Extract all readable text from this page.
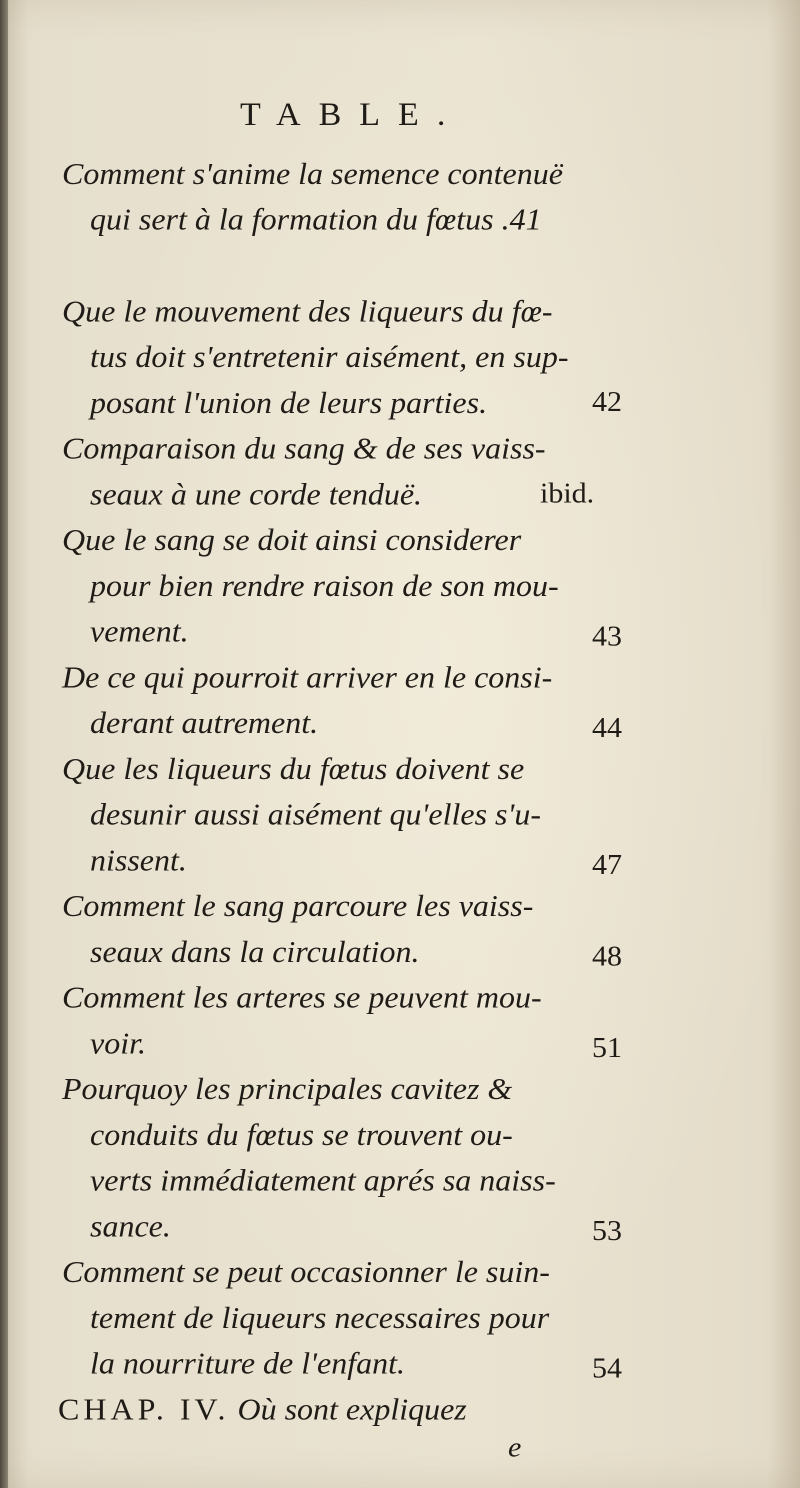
TABLE.
Comment s'anime la semence contenuë
qui sert à la formation du fœtus .41
Que le mouvement des liqueurs du fœ-
tus doit s'entretenir aisément, en sup-
posant l'union de leurs parties.	42
Comparaison du sang & de ses vaiss-
seaux à une corde tenduë.	ibid.
Que le sang se doit ainsi considerer
pour bien rendre raison de son mou-
vement.	43
De ce qui pourroit arriver en le consi-
derant autrement.	44
Que les liqueurs du fœtus doivent se
desunir aussi aisément qu'elles s'u-
nissent.	47
Comment le sang parcoure les vaiss-
seaux dans la circulation.	48
Comment les arteres se peuvent mou-
voir.	51
Pourquoy les principales cavitez &
conduits du fœtus se trouvent ou-
verts immédiatement aprés sa naiss-
sance.	53
Comment se peut occasionner le suin-
tement de liqueurs necessaires pour
la nourriture de l'enfant.	54
CHAP. IV. Où sont expliquez
e
